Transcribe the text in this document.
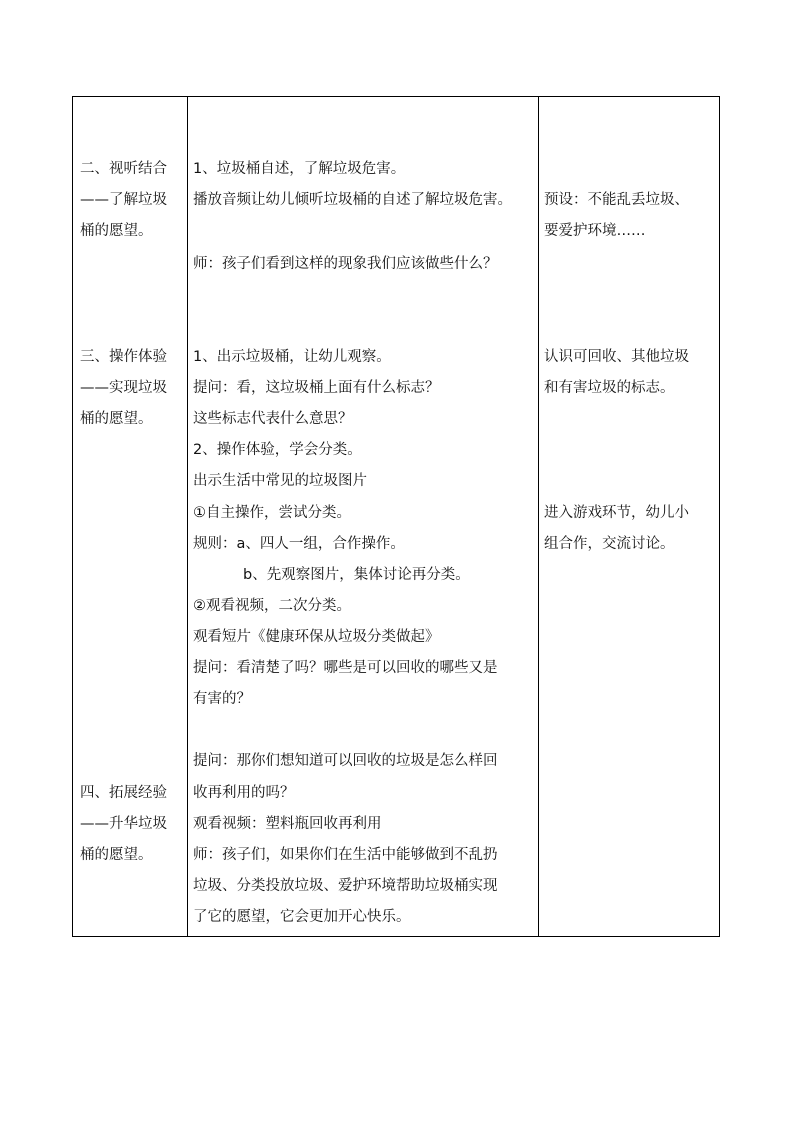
二、视听结合
——了解垃圾
桶的愿望。
1、垃圾桶自述，了解垃圾危害。
播放音频让幼儿倾听垃圾桶的自述了解垃圾危害。
师：孩子们看到这样的现象我们应该做些什么？
预设：不能乱丢垃圾、
要爱护环境……
三、操作体验
——实现垃圾
桶的愿望。
1、出示垃圾桶，让幼儿观察。
提问：看，这垃圾桶上面有什么标志？
这些标志代表什么意思？
2、操作体验，学会分类。
出示生活中常见的垃圾图片
①自主操作，尝试分类。
规则：a、四人一组，合作操作。
b、先观察图片，集体讨论再分类。
②观看视频，二次分类。
观看短片《健康环保从垃圾分类做起》
提问：看清楚了吗？哪些是可以回收的哪些又是
有害的？
认识可回收、其他垃圾
和有害垃圾的标志。
进入游戏环节，幼儿小
组合作，交流讨论。
四、拓展经验
——升华垃圾
桶的愿望。
提问：那你们想知道可以回收的垃圾是怎么样回
收再利用的吗？
观看视频：塑料瓶回收再利用
师：孩子们，如果你们在生活中能够做到不乱扔
垃圾、分类投放垃圾、爱护环境帮助垃圾桶实现
了它的愿望，它会更加开心快乐。
